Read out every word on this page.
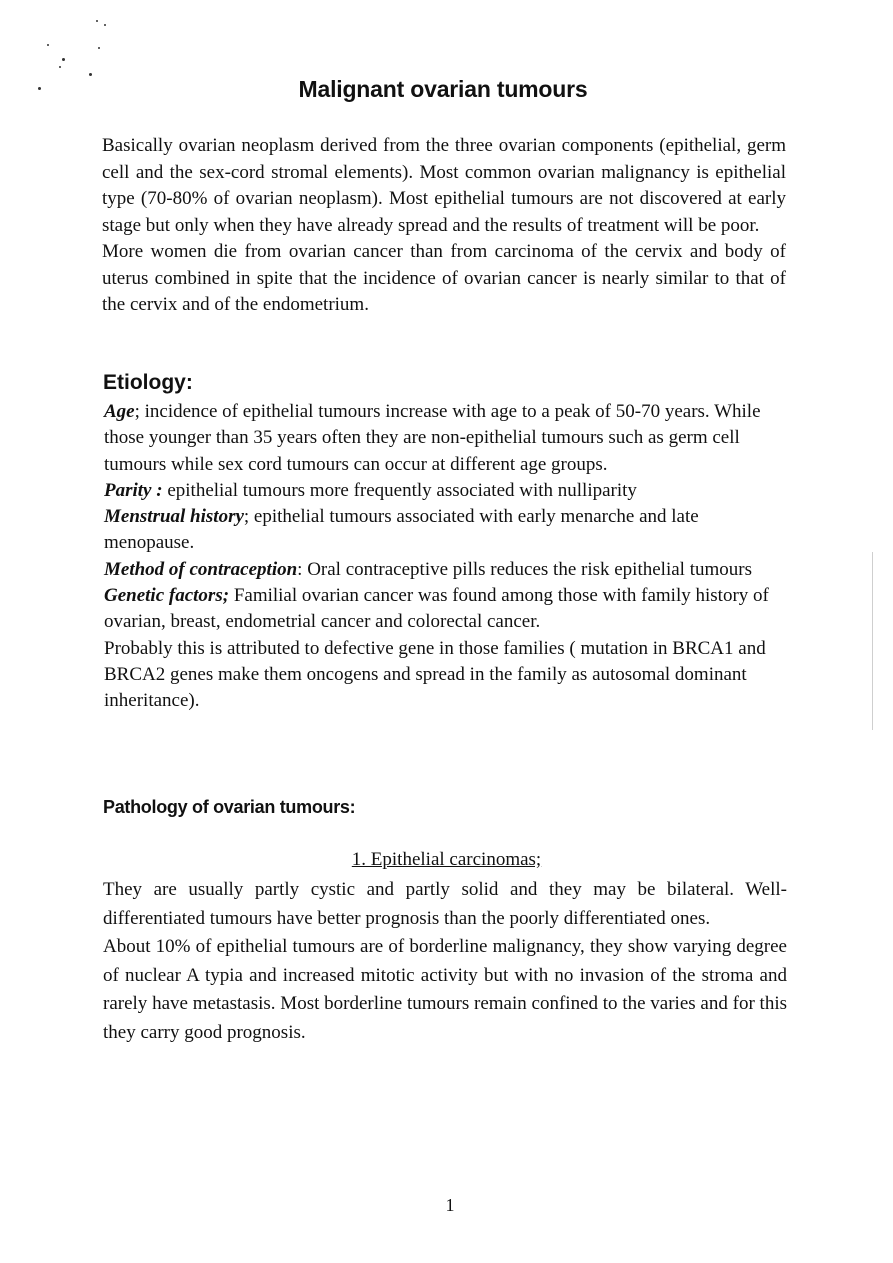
Malignant ovarian tumours

Basically ovarian neoplasm derived from the three ovarian components (epithelial, germ cell and the sex-cord stromal elements). Most common ovarian malignancy is epithelial type (70-80% of ovarian neoplasm). Most epithelial tumours are not discovered at early stage but only when they have already spread and the results of treatment will be poor.

More women die from ovarian cancer than from carcinoma of the cervix and body of uterus combined in spite that the incidence of ovarian cancer is nearly similar to that of the cervix and of the endometrium.

Etiology:

Age; incidence of epithelial tumours increase with age to a peak of 50-70 years. While those younger than 35 years often they are non-epithelial tumours such as germ cell tumours while sex cord tumours can occur at different age groups.

Parity : epithelial tumours more frequently associated with nulliparity

Menstrual history; epithelial tumours associated with early menarche and late menopause.

Method of contraception: Oral contraceptive pills reduces the risk epithelial tumours

Genetic factors; Familial ovarian cancer was found among those with family history of ovarian, breast, endometrial cancer and colorectal cancer.

Probably this is attributed to defective gene in those families ( mutation in BRCA1 and BRCA2 genes make them oncogens and spread in the family as autosomal dominant inheritance).

Pathology of ovarian tumours:
1. Epithelial carcinomas;

They are usually partly cystic and partly solid and they may be bilateral. Well-differentiated tumours have better prognosis than the poorly differentiated ones.

About 10% of epithelial tumours are of borderline malignancy, they show varying degree of nuclear A typia and increased mitotic activity but with no invasion of the stroma and rarely have metastasis. Most borderline tumours remain confined to the varies and for this they carry good prognosis.

1
